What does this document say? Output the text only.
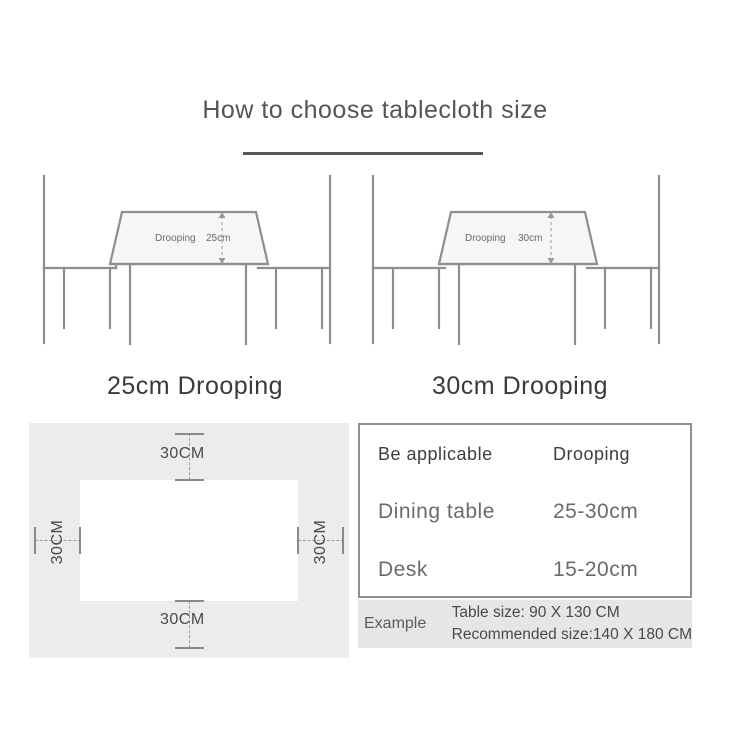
How to choose tablecloth size
Drooping 25cm
25cm Drooping
Drooping 30cm
30cm Drooping
30CM
30CM
30CM	30CM
Be applicable	Drooping
Dining table	25-30cm
Desk	15-20cm
Example
Table size: 90 X 130 CM
Recommended size:140 X 180 CM
